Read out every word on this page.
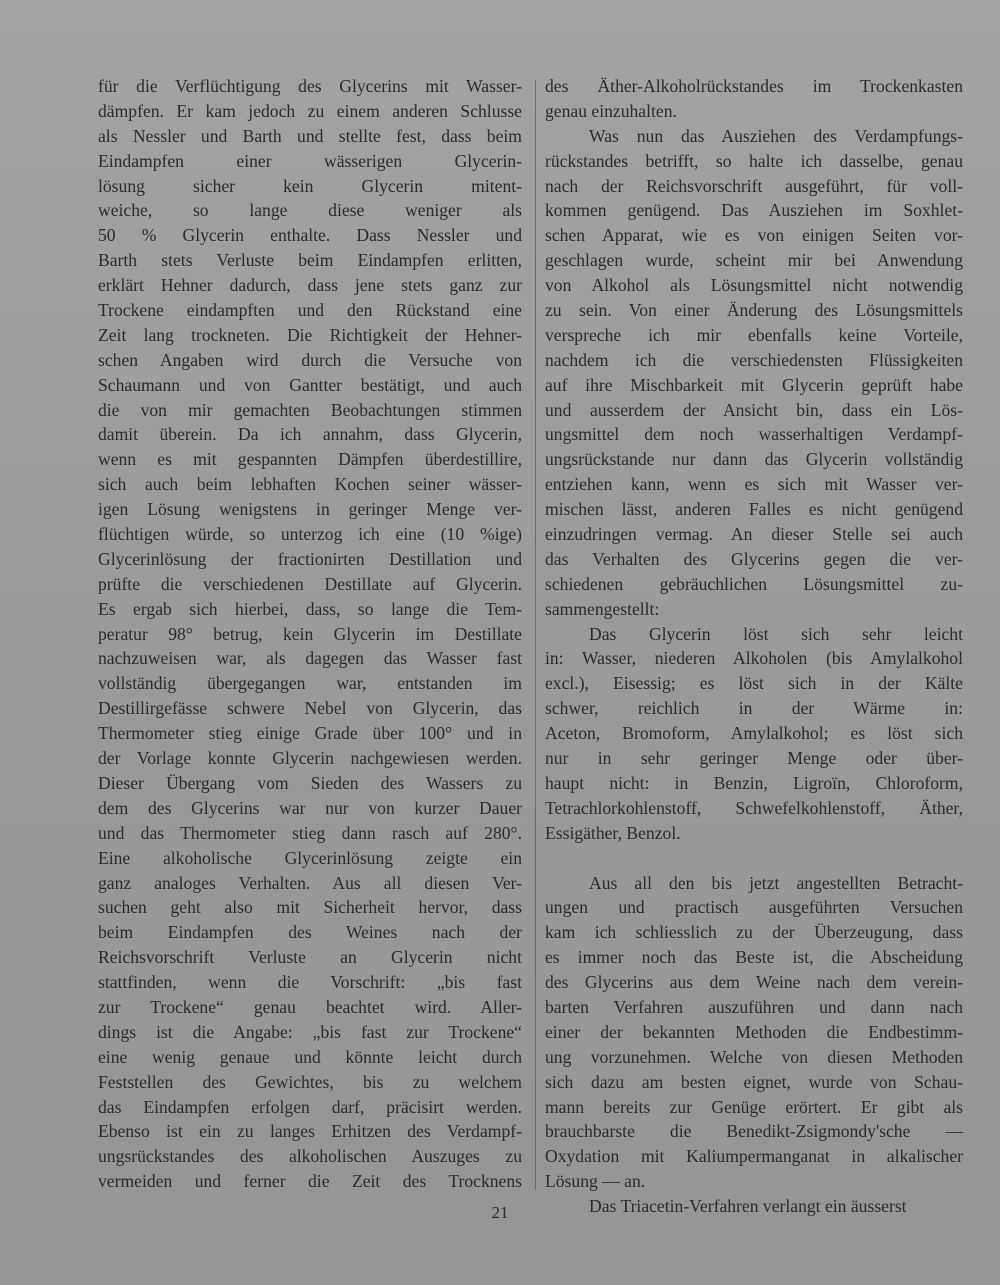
für die Verflüchtigung des Glycerins mit Wasser-
dämpfen. Er kam jedoch zu einem anderen Schlusse
als Nessler und Barth und stellte fest, dass beim
Eindampfen einer wässerigen Glycerin-
lösung sicher kein Glycerin mitent-
weiche, so lange diese weniger als
50 % Glycerin enthalte. Dass Nessler und
Barth stets Verluste beim Eindampfen erlitten,
erklärt Hehner dadurch, dass jene stets ganz zur
Trockene eindampften und den Rückstand eine
Zeit lang trockneten. Die Richtigkeit der Hehner-
schen Angaben wird durch die Versuche von
Schaumann und von Gantter bestätigt, und auch
die von mir gemachten Beobachtungen stimmen
damit überein. Da ich annahm, dass Glycerin,
wenn es mit gespannten Dämpfen überdestillire,
sich auch beim lebhaften Kochen seiner wässer-
igen Lösung wenigstens in geringer Menge ver-
flüchtigen würde, so unterzog ich eine (10 %ige)
Glycerinlösung der fractionirten Destillation und
prüfte die verschiedenen Destillate auf Glycerin.
Es ergab sich hierbei, dass, so lange die Tem-
peratur 98° betrug, kein Glycerin im Destillate
nachzuweisen war, als dagegen das Wasser fast
vollständig übergegangen war, entstanden im
Destillirgefässe schwere Nebel von Glycerin, das
Thermometer stieg einige Grade über 100° und in
der Vorlage konnte Glycerin nachgewiesen werden.
Dieser Übergang vom Sieden des Wassers zu
dem des Glycerins war nur von kurzer Dauer
und das Thermometer stieg dann rasch auf 280°.
Eine alkoholische Glycerinlösung zeigte ein
ganz analoges Verhalten. Aus all diesen Ver-
suchen geht also mit Sicherheit hervor, dass
beim Eindampfen des Weines nach der
Reichsvorschrift Verluste an Glycerin nicht
stattfinden, wenn die Vorschrift: „bis fast
zur Trockene“ genau beachtet wird. Aller-
dings ist die Angabe: „bis fast zur Trockene“
eine wenig genaue und könnte leicht durch
Feststellen des Gewichtes, bis zu welchem
das Eindampfen erfolgen darf, präcisirt werden.
Ebenso ist ein zu langes Erhitzen des Verdampf-
ungsrückstandes des alkoholischen Auszuges zu
vermeiden und ferner die Zeit des Trocknens
des Äther-Alkoholrückstandes im Trockenkasten
genau einzuhalten.
Was nun das Ausziehen des Verdampfungs-
rückstandes betrifft, so halte ich dasselbe, genau
nach der Reichsvorschrift ausgeführt, für voll-
kommen genügend. Das Ausziehen im Soxhlet-
schen Apparat, wie es von einigen Seiten vor-
geschlagen wurde, scheint mir bei Anwendung
von Alkohol als Lösungsmittel nicht notwendig
zu sein. Von einer Änderung des Lösungsmittels
verspreche ich mir ebenfalls keine Vorteile,
nachdem ich die verschiedensten Flüssigkeiten
auf ihre Mischbarkeit mit Glycerin geprüft habe
und ausserdem der Ansicht bin, dass ein Lös-
ungsmittel dem noch wasserhaltigen Verdampf-
ungsrückstande nur dann das Glycerin vollständig
entziehen kann, wenn es sich mit Wasser ver-
mischen lässt, anderen Falles es nicht genügend
einzudringen vermag. An dieser Stelle sei auch
das Verhalten des Glycerins gegen die ver-
schiedenen gebräuchlichen Lösungsmittel zu-
sammengestellt:
Das Glycerin löst sich sehr leicht
in: Wasser, niederen Alkoholen (bis Amylalkohol
excl.), Eisessig; es löst sich in der Kälte
schwer, reichlich in der Wärme in:
Aceton, Bromoform, Amylalkohol; es löst sich
nur in sehr geringer Menge oder über-
haupt nicht: in Benzin, Ligroïn, Chloroform,
Tetrachlorkohlenstoff, Schwefelkohlenstoff, Äther,
Essigäther, Benzol.
Aus all den bis jetzt angestellten Betracht-
ungen und practisch ausgeführten Versuchen
kam ich schliesslich zu der Überzeugung, dass
es immer noch das Beste ist, die Abscheidung
des Glycerins aus dem Weine nach dem verein-
barten Verfahren auszuführen und dann nach
einer der bekannten Methoden die Endbestimm-
ung vorzunehmen. Welche von diesen Methoden
sich dazu am besten eignet, wurde von Schau-
mann bereits zur Genüge erörtert. Er gibt als
brauchbarste die Benedikt-Zsigmondy'sche —
Oxydation mit Kaliumpermanganat in alkalischer
Lösung — an.
Das Triacetin-Verfahren verlangt ein äusserst
21
